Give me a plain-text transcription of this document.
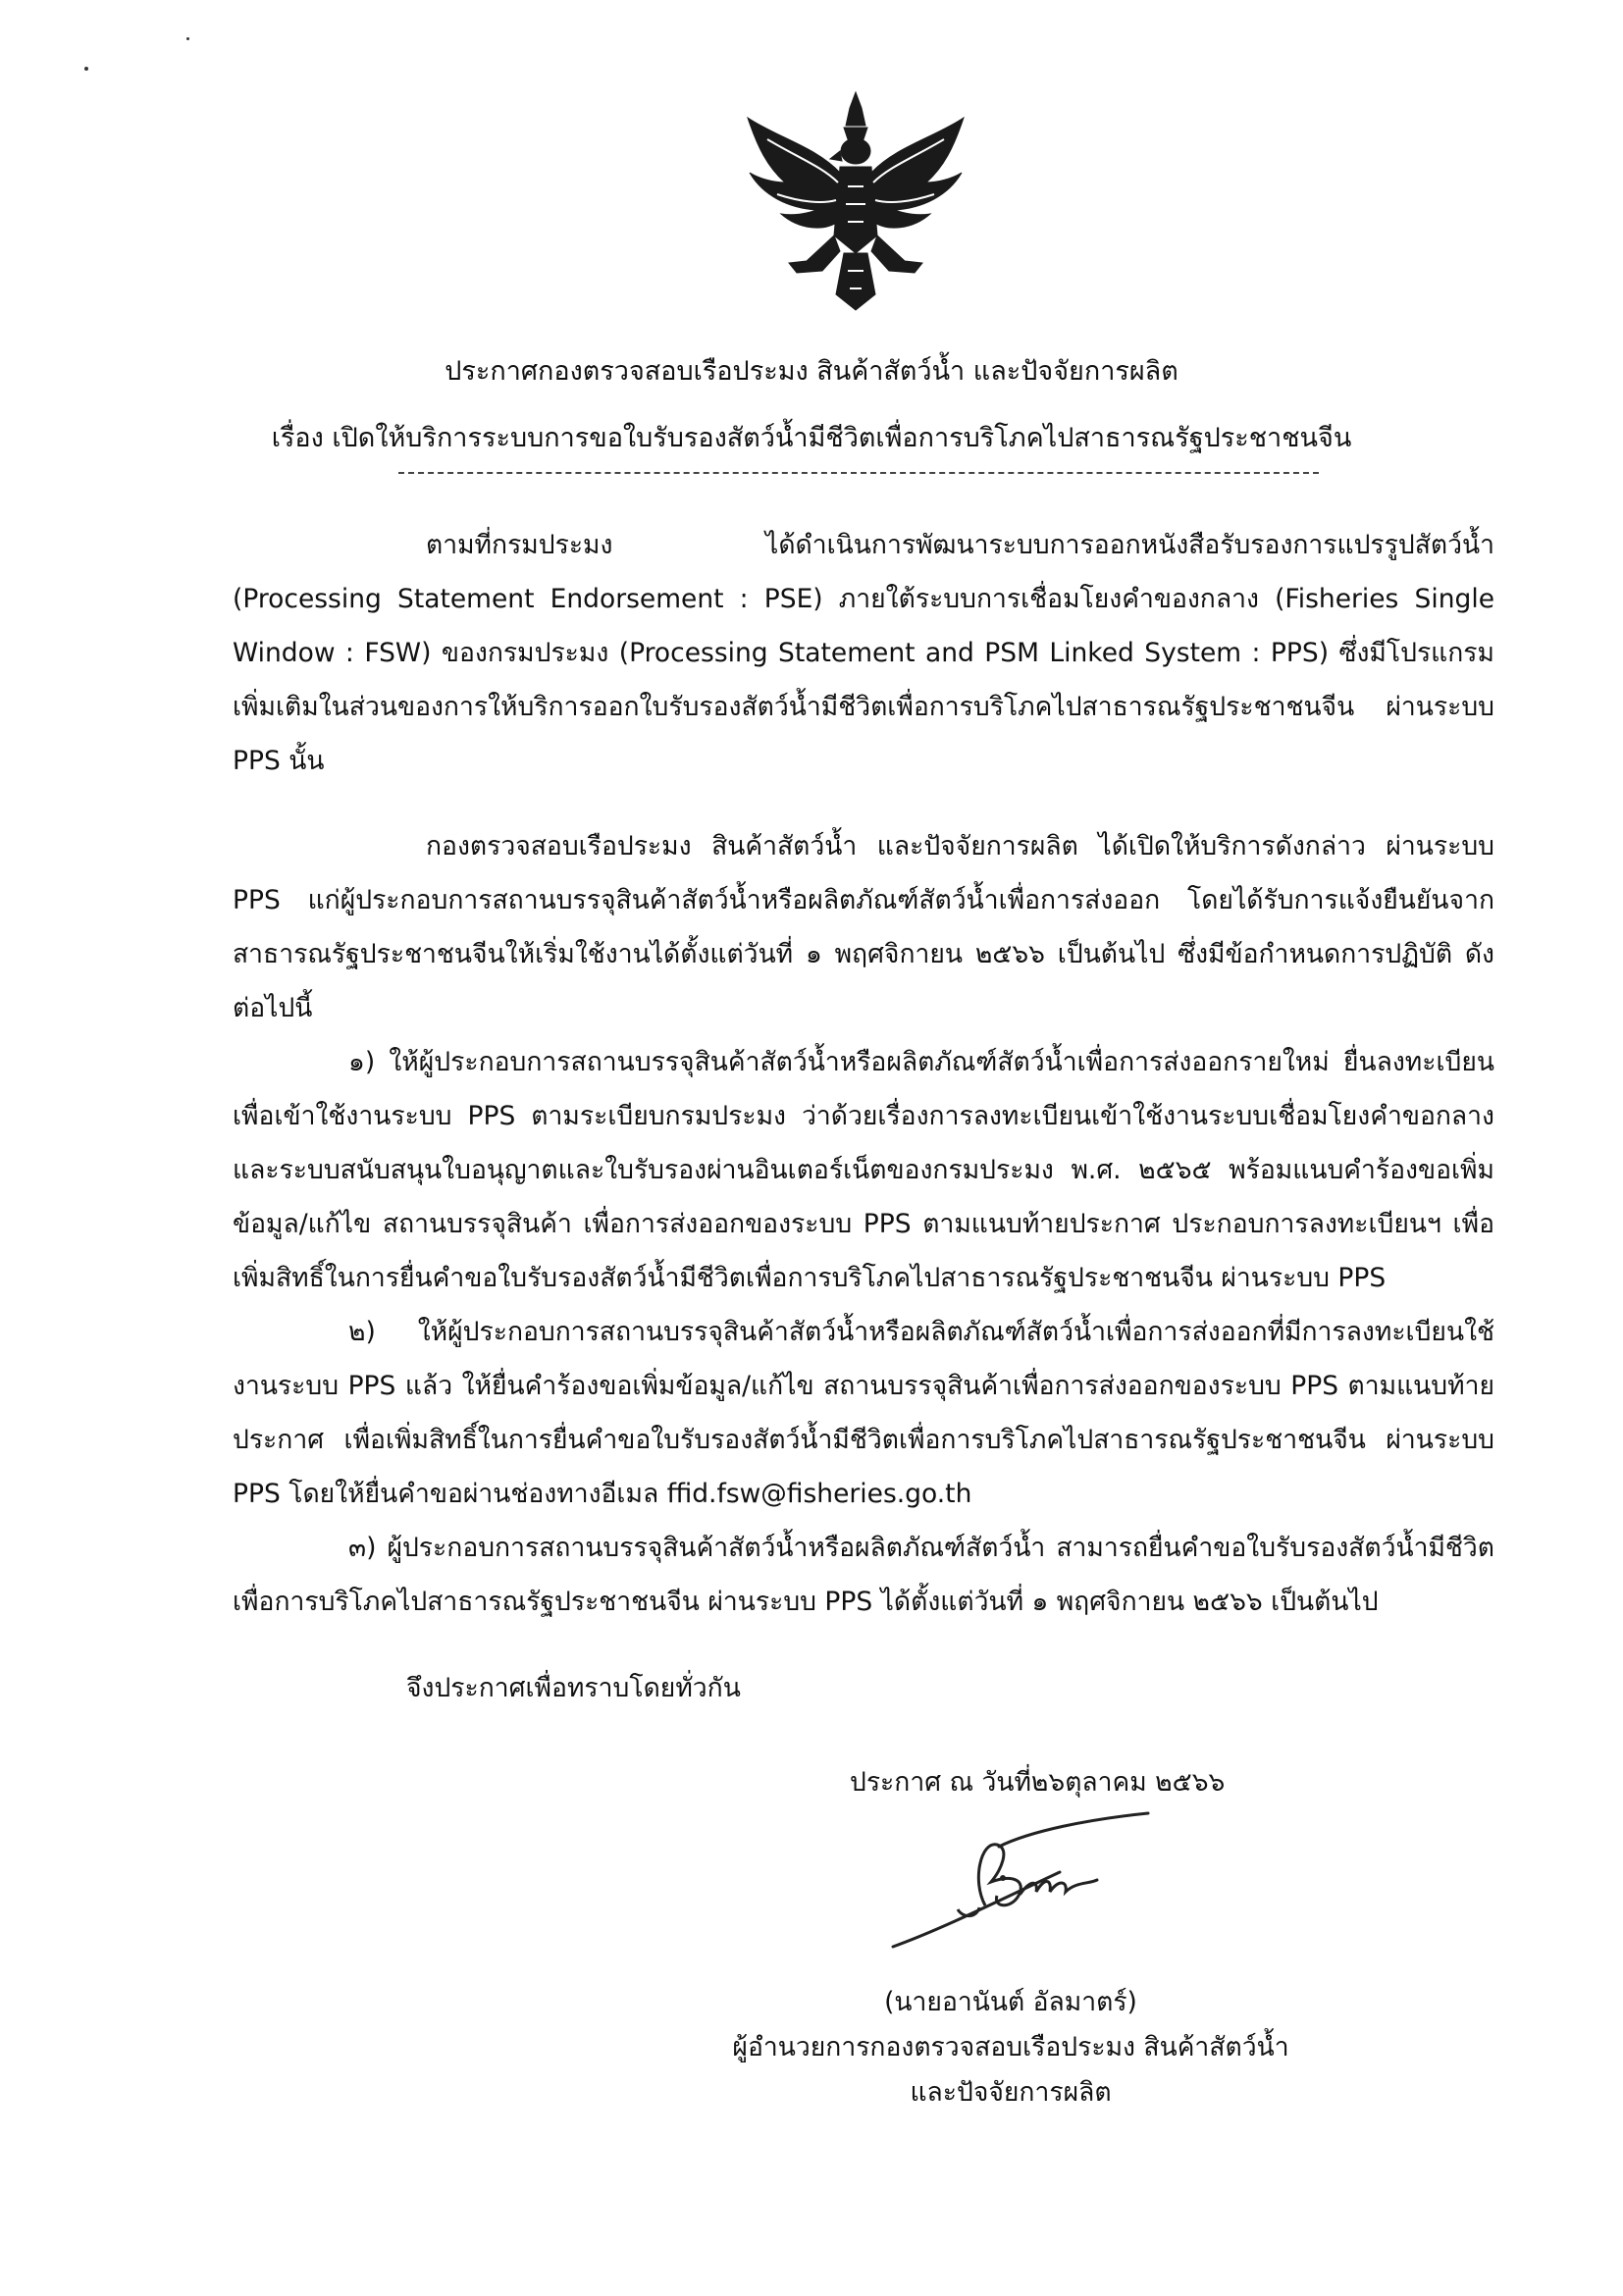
ประกาศกองตรวจสอบเรือประมง สินค้าสัตว์น้ำ และปัจจัยการผลิต
เรื่อง เปิดให้บริการระบบการขอใบรับรองสัตว์น้ำมีชีวิตเพื่อการบริโภคไปสาธารณรัฐประชาชนจีน

ตามที่กรมประมง ได้ดำเนินการพัฒนาระบบการออกหนังสือรับรองการแปรรูปสัตว์น้ำ (Processing Statement Endorsement : PSE) ภายใต้ระบบการเชื่อมโยงคำของกลาง (Fisheries Single Window : FSW) ของกรมประมง (Processing Statement and PSM Linked System : PPS) ซึ่งมีโปรแกรมเพิ่มเติมในส่วนของการให้บริการออกใบรับรองสัตว์น้ำมีชีวิตเพื่อการบริโภคไปสาธารณรัฐประชาชนจีน ผ่านระบบ PPS นั้น

กองตรวจสอบเรือประมง สินค้าสัตว์น้ำ และปัจจัยการผลิต ได้เปิดให้บริการดังกล่าว ผ่านระบบ PPS แก่ผู้ประกอบการสถานบรรจุสินค้าสัตว์น้ำหรือผลิตภัณฑ์สัตว์น้ำเพื่อการส่งออก โดยได้รับการแจ้งยืนยันจากสาธารณรัฐประชาชนจีนให้เริ่มใช้งานได้ตั้งแต่วันที่ ๑ พฤศจิกายน ๒๕๖๖ เป็นต้นไป ซึ่งมีข้อกำหนดการปฏิบัติ ดังต่อไปนี้

๑) ให้ผู้ประกอบการสถานบรรจุสินค้าสัตว์น้ำหรือผลิตภัณฑ์สัตว์น้ำเพื่อการส่งออกรายใหม่ ยื่นลงทะเบียนเพื่อเข้าใช้งานระบบ PPS ตามระเบียบกรมประมง ว่าด้วยเรื่องการลงทะเบียนเข้าใช้งานระบบเชื่อมโยงคำขอกลางและระบบสนับสนุนใบอนุญาตและใบรับรองผ่านอินเตอร์เน็ตของกรมประมง พ.ศ. ๒๕๖๕ พร้อมแนบคำร้องขอเพิ่มข้อมูล/แก้ไข สถานบรรจุสินค้า เพื่อการส่งออกของระบบ PPS ตามแนบท้ายประกาศ ประกอบการลงทะเบียนฯ เพื่อเพิ่มสิทธิ์ในการยื่นคำขอใบรับรองสัตว์น้ำมีชีวิตเพื่อการบริโภคไปสาธารณรัฐประชาชนจีน ผ่านระบบ PPS

๒) ให้ผู้ประกอบการสถานบรรจุสินค้าสัตว์น้ำหรือผลิตภัณฑ์สัตว์น้ำเพื่อการส่งออกที่มีการลงทะเบียนใช้งานระบบ PPS แล้ว ให้ยื่นคำร้องขอเพิ่มข้อมูล/แก้ไข สถานบรรจุสินค้าเพื่อการส่งออกของระบบ PPS ตามแนบท้ายประกาศ เพื่อเพิ่มสิทธิ์ในการยื่นคำขอใบรับรองสัตว์น้ำมีชีวิตเพื่อการบริโภคไปสาธารณรัฐประชาชนจีน ผ่านระบบ PPS โดยให้ยื่นคำขอผ่านช่องทางอีเมล ffid.fsw@fisheries.go.th

๓) ผู้ประกอบการสถานบรรจุสินค้าสัตว์น้ำหรือผลิตภัณฑ์สัตว์น้ำ สามารถยื่นคำขอใบรับรองสัตว์น้ำมีชีวิตเพื่อการบริโภคไปสาธารณรัฐประชาชนจีน ผ่านระบบ PPS ได้ตั้งแต่วันที่ ๑ พฤศจิกายน ๒๕๖๖ เป็นต้นไป

จึงประกาศเพื่อทราบโดยทั่วกัน
ประกาศ ณ วันที่๒๖ตุลาคม ๒๕๖๖
(นายอานันต์ อัลมาตร์)
ผู้อำนวยการกองตรวจสอบเรือประมง สินค้าสัตว์น้ำ
และปัจจัยการผลิต
